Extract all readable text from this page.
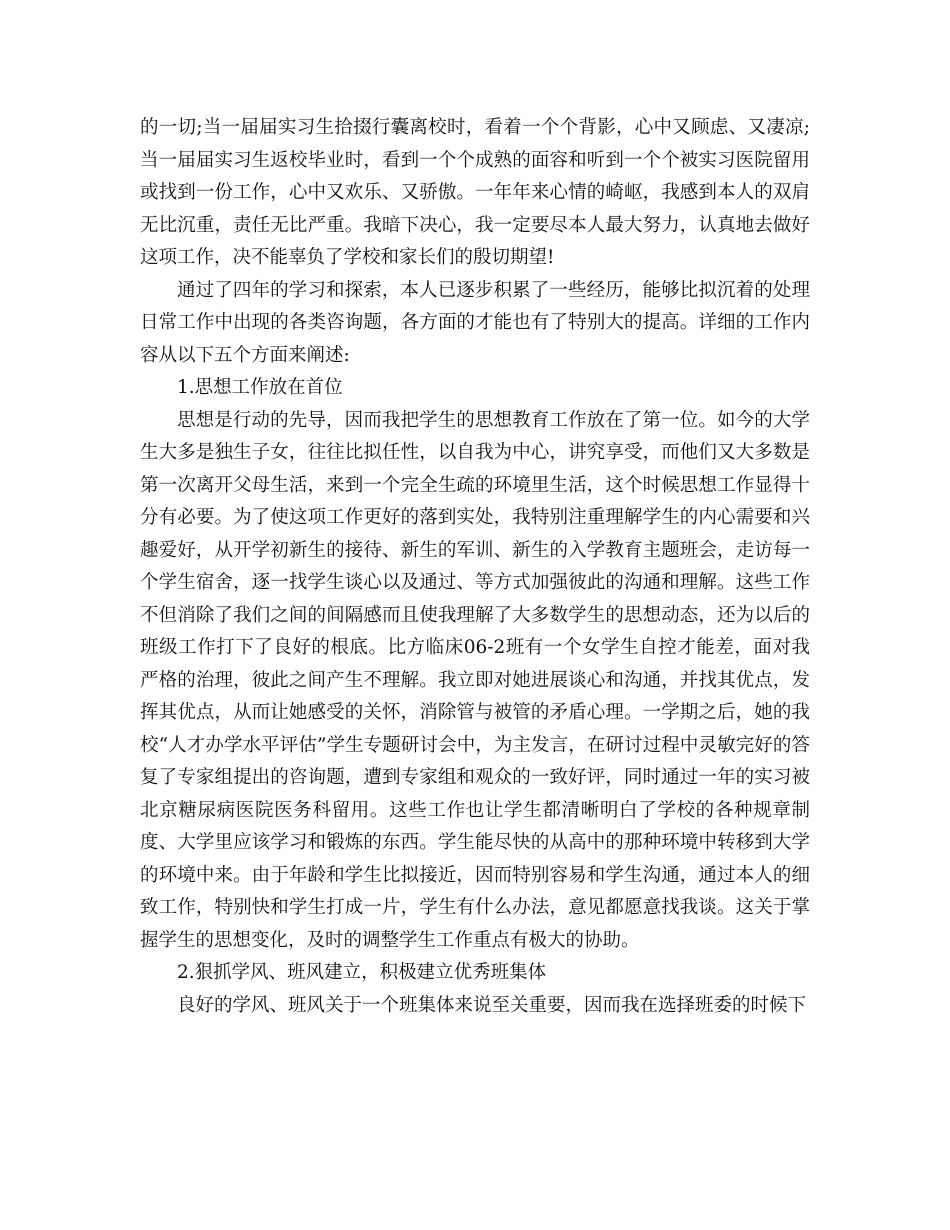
的一切;当一届届实习生拾掇行囊离校时，看着一个个背影，心中又顾虑、又凄凉;当一届届实习生返校毕业时，看到一个个成熟的面容和听到一个个被实习医院留用或找到一份工作，心中又欢乐、又骄傲。一年年来心情的崎岖，我感到本人的双肩无比沉重，责任无比严重。我暗下决心，我一定要尽本人最大努力，认真地去做好这项工作，决不能辜负了学校和家长们的殷切期望!

通过了四年的学习和探索，本人已逐步积累了一些经历，能够比拟沉着的处理日常工作中出现的各类咨询题，各方面的才能也有了特别大的提高。详细的工作内容从以下五个方面来阐述:

1.思想工作放在首位

思想是行动的先导，因而我把学生的思想教育工作放在了第一位。如今的大学生大多是独生子女，往往比拟任性，以自我为中心，讲究享受，而他们又大多数是第一次离开父母生活，来到一个完全生疏的环境里生活，这个时候思想工作显得十分有必要。为了使这项工作更好的落到实处，我特别注重理解学生的内心需要和兴趣爱好，从开学初新生的接待、新生的军训、新生的入学教育主题班会，走访每一个学生宿舍，逐一找学生谈心以及通过、等方式加强彼此的沟通和理解。这些工作不但消除了我们之间的间隔感而且使我理解了大多数学生的思想动态，还为以后的班级工作打下了良好的根底。比方临床06-2班有一个女学生自控才能差，面对我严格的治理，彼此之间产生不理解。我立即对她进展谈心和沟通，并找其优点，发挥其优点，从而让她感受的关怀，消除管与被管的矛盾心理。一学期之后，她的我校“人才办学水平评估”学生专题研讨会中，为主发言，在研讨过程中灵敏完好的答复了专家组提出的咨询题，遭到专家组和观众的一致好评，同时通过一年的实习被北京糖尿病医院医务科留用。这些工作也让学生都清晰明白了学校的各种规章制度、大学里应该学习和锻炼的东西。学生能尽快的从高中的那种环境中转移到大学的环境中来。由于年龄和学生比拟接近，因而特别容易和学生沟通，通过本人的细致工作，特别快和学生打成一片，学生有什么办法，意见都愿意找我谈。这关于掌握学生的思想变化，及时的调整学生工作重点有极大的协助。

2.狠抓学风、班风建立，积极建立优秀班集体

良好的学风、班风关于一个班集体来说至关重要，因而我在选择班委的时候下
